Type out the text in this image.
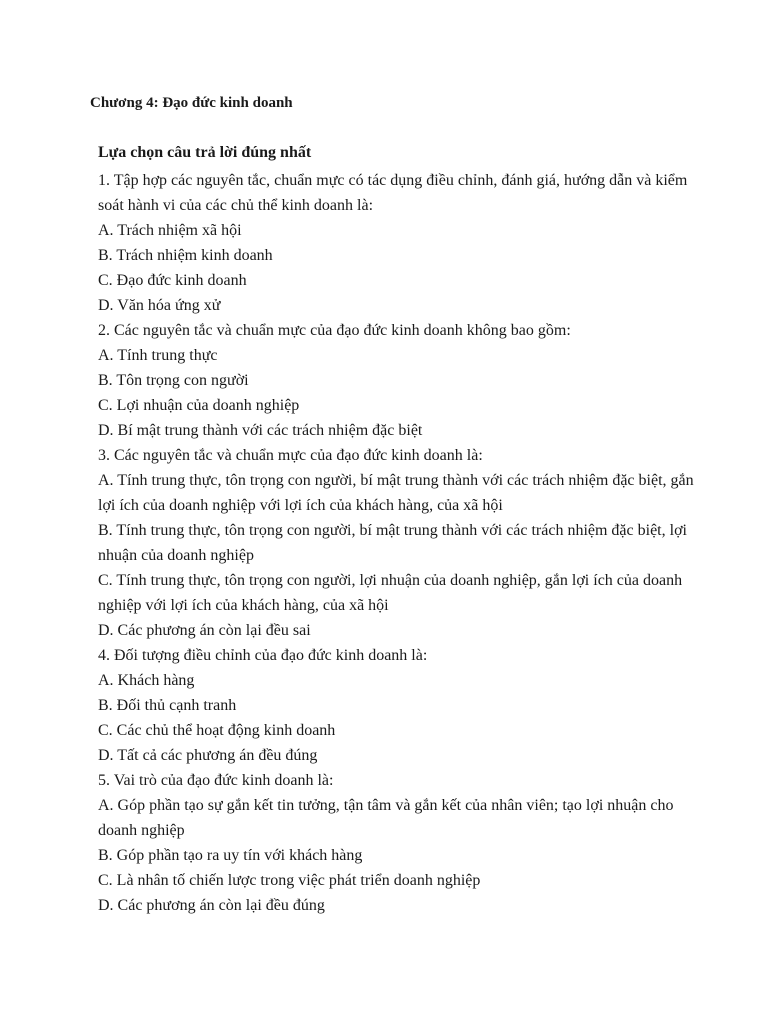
Chương 4: Đạo đức kinh doanh
Lựa chọn câu trả lời đúng nhất

1. Tập hợp các nguyên tắc, chuẩn mực có tác dụng điều chỉnh, đánh giá, hướng dẫn và kiểm soát hành vi của các chủ thể kinh doanh là:

A. Trách nhiệm xã hội

B. Trách nhiệm kinh doanh

C. Đạo đức kinh doanh

D. Văn hóa ứng xử

2. Các nguyên tắc và chuẩn mực của đạo đức kinh doanh không bao gồm:

A. Tính trung thực

B. Tôn trọng con người

C. Lợi nhuận của doanh nghiệp

D. Bí mật trung thành với các trách nhiệm đặc biệt

3. Các nguyên tắc và chuẩn mực của đạo đức kinh doanh là:

A. Tính trung thực, tôn trọng con người, bí mật trung thành với các trách nhiệm đặc biệt, gắn lợi ích của doanh nghiệp với lợi ích của khách hàng, của xã hội

B. Tính trung thực, tôn trọng con người, bí mật trung thành với các trách nhiệm đặc biệt, lợi nhuận của doanh nghiệp

C. Tính trung thực, tôn trọng con người, lợi nhuận của doanh nghiệp, gắn lợi ích của doanh nghiệp với lợi ích của khách hàng, của xã hội

D. Các phương án còn lại đều sai

4. Đối tượng điều chỉnh của đạo đức kinh doanh là:

A. Khách hàng

B. Đối thủ cạnh tranh

C. Các chủ thể hoạt động kinh doanh

D. Tất cả các phương án đều đúng

5. Vai trò của đạo đức kinh doanh là:

A. Góp phần tạo sự gắn kết tin tưởng, tận tâm và gắn kết của nhân viên; tạo lợi nhuận cho doanh nghiệp

B. Góp phần tạo ra uy tín với khách hàng

C. Là nhân tố chiến lược trong việc phát triển doanh nghiệp

D. Các phương án còn lại đều đúng
